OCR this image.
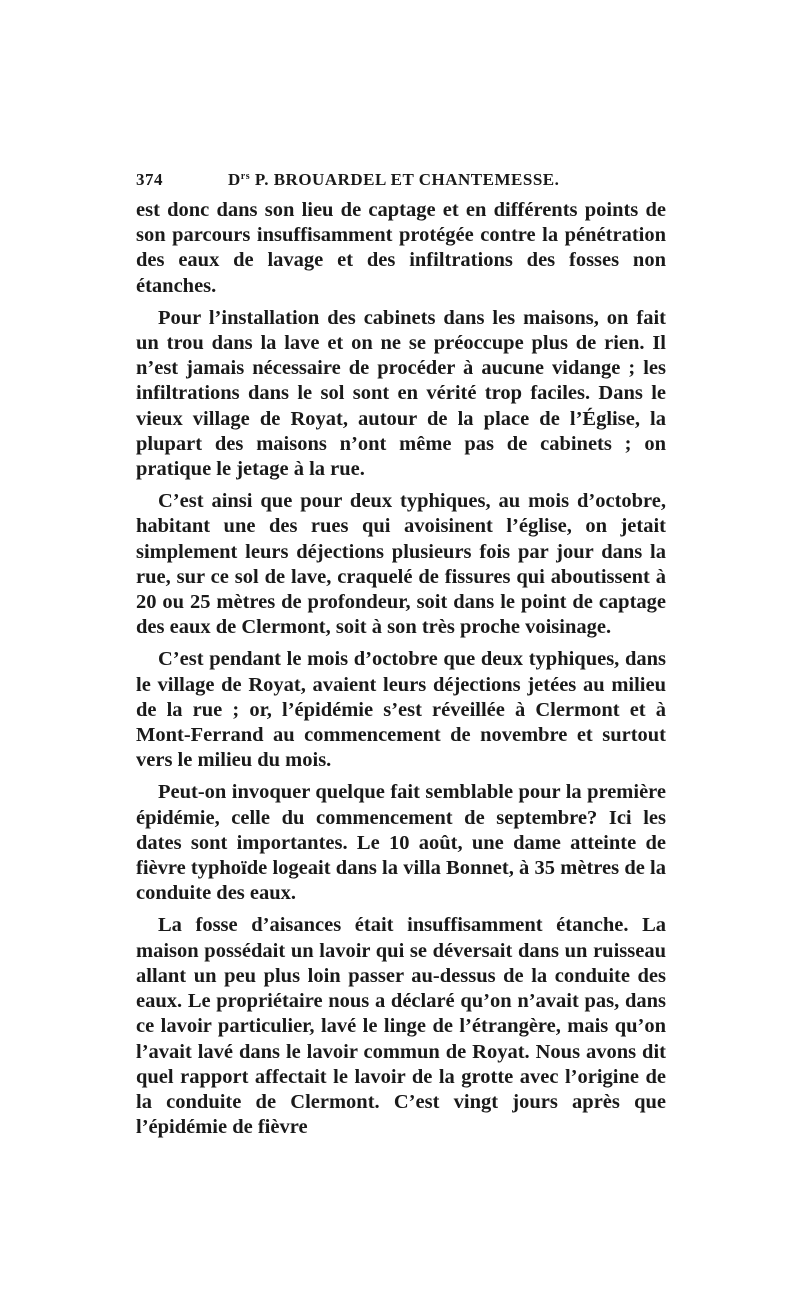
374	$D^{rs}$ P. BROUARDEL ET CHANTEMESSE.

est donc dans son lieu de captage et en différents points de son parcours insuffisamment protégée contre la pénétration des eaux de lavage et des infiltrations des fosses non étanches.

Pour l’installation des cabinets dans les maisons, on fait un trou dans la lave et on ne se préoccupe plus de rien. Il n’est jamais nécessaire de procéder à aucune vidange ; les infiltrations dans le sol sont en vérité trop faciles. Dans le vieux village de Royat, autour de la place de l’Église, la plupart des maisons n’ont même pas de cabinets ; on pratique le jetage à la rue.

C’est ainsi que pour deux typhiques, au mois d’octobre, habitant une des rues qui avoisinent l’église, on jetait simplement leurs déjections plusieurs fois par jour dans la rue, sur ce sol de lave, craquelé de fissures qui aboutissent à 20 ou 25 mètres de profondeur, soit dans le point de captage des eaux de Clermont, soit à son très proche voisinage.

C’est pendant le mois d’octobre que deux typhiques, dans le village de Royat, avaient leurs déjections jetées au milieu de la rue ; or, l’épidémie s’est réveillée à Clermont et à Mont-Ferrand au commencement de novembre et surtout vers le milieu du mois.

Peut-on invoquer quelque fait semblable pour la première épidémie, celle du commencement de septembre? Ici les dates sont importantes. Le 10 août, une dame atteinte de fièvre typhoïde logeait dans la villa Bonnet, à 35 mètres de la conduite des eaux.

La fosse d’aisances était insuffisamment étanche. La maison possédait un lavoir qui se déversait dans un ruisseau allant un peu plus loin passer au-dessus de la conduite des eaux. Le propriétaire nous a déclaré qu’on n’avait pas, dans ce lavoir particulier, lavé le linge de l’étrangère, mais qu’on l’avait lavé dans le lavoir commun de Royat. Nous avons dit quel rapport affectait le lavoir de la grotte avec l’origine de la conduite de Clermont. C’est vingt jours après que l’épidémie de fièvre
